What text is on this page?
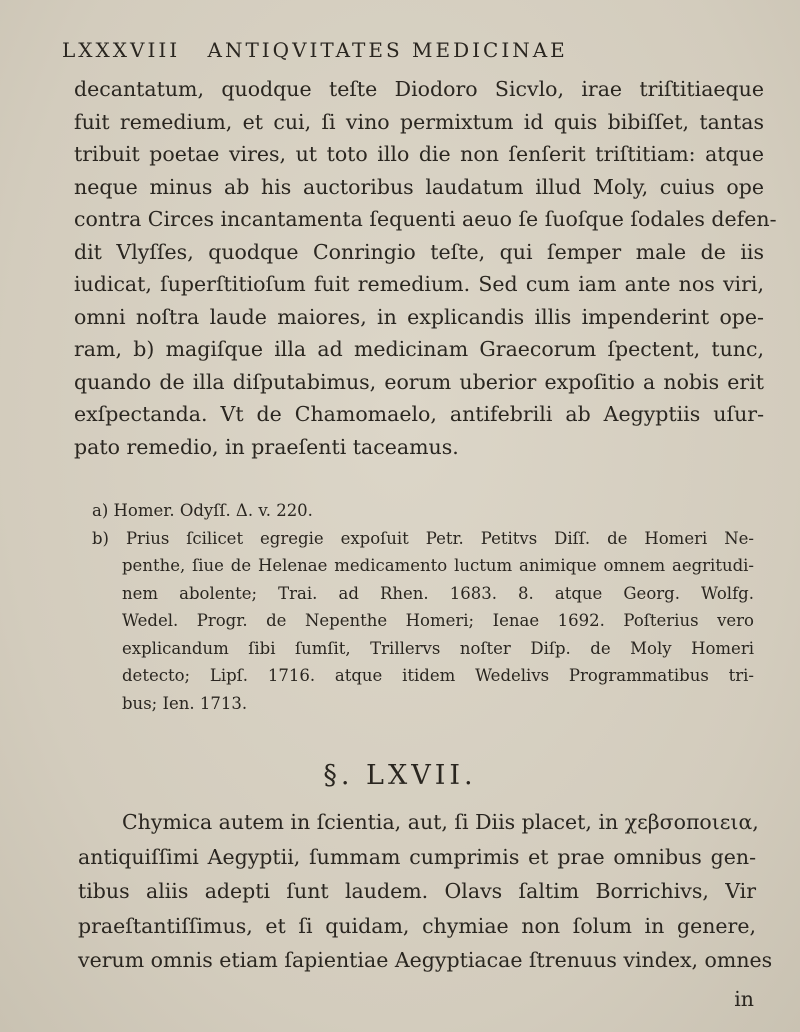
LXXXVIII ANTIQVITATES MEDICINAE
decantatum, quodque teſte Diodoro Sicvlo, irae triſtitiaeque
fuit remedium, et cui, ſi vino permixtum id quis bibiſſet, tantas
tribuit poetae vires, ut toto illo die non ſenſerit triſtitiam: atque
neque minus ab his auctoribus laudatum illud Moly, cuius ope
contra Circes incantamenta ſequenti aeuo ſe ſuoſque ſodales defen-
dit Vlyſſes, quodque Conringio teſte, qui ſemper male de iis
iudicat, ſuperſtitioſum fuit remedium. Sed cum iam ante nos viri,
omni noſtra laude maiores, in explicandis illis impenderint ope-
ram, b) magiſque illa ad medicinam Graecorum ſpectent, tunc,
quando de illa diſputabimus, eorum uberior expoſitio a nobis erit
exſpectanda. Vt de Chamomaelo, antifebrili ab Aegyptiis uſur-
pato remedio, in praeſenti taceamus.
a) Homer. Odyſſ. Δ. v. 220.
b) Prius ſcilicet egregie expoſuit Petr. Petitvs Diſſ. de Homeri Ne-
penthe, ſiue de Helenae medicamento luctum animique omnem aegritudi-
nem abolente; Trai. ad Rhen. 1683. 8. atque Georg. Wolfg.
Wedel. Progr. de Nepenthe Homeri; Ienae 1692. Poſterius vero
explicandum ſibi ſumſit, Trillervs noſter Diſp. de Moly Homeri
detecto; Lipſ. 1716. atque itidem Wedelivs Programmatibus tri-
bus; Ien. 1713.
§. LXVII.
Chymica autem in ſcientia, aut, ſi Diis placet, in χεβσοποιεια,
antiquiſſimi Aegyptii, ſummam cumprimis et prae omnibus gen-
tibus aliis adepti ſunt laudem. Olavs ſaltim Borrichivs, Vir
praeſtantiſſimus, et ſi quidam, chymiae non ſolum in genere,
verum omnis etiam ſapientiae Aegyptiacae ſtrenuus vindex, omnes
in
